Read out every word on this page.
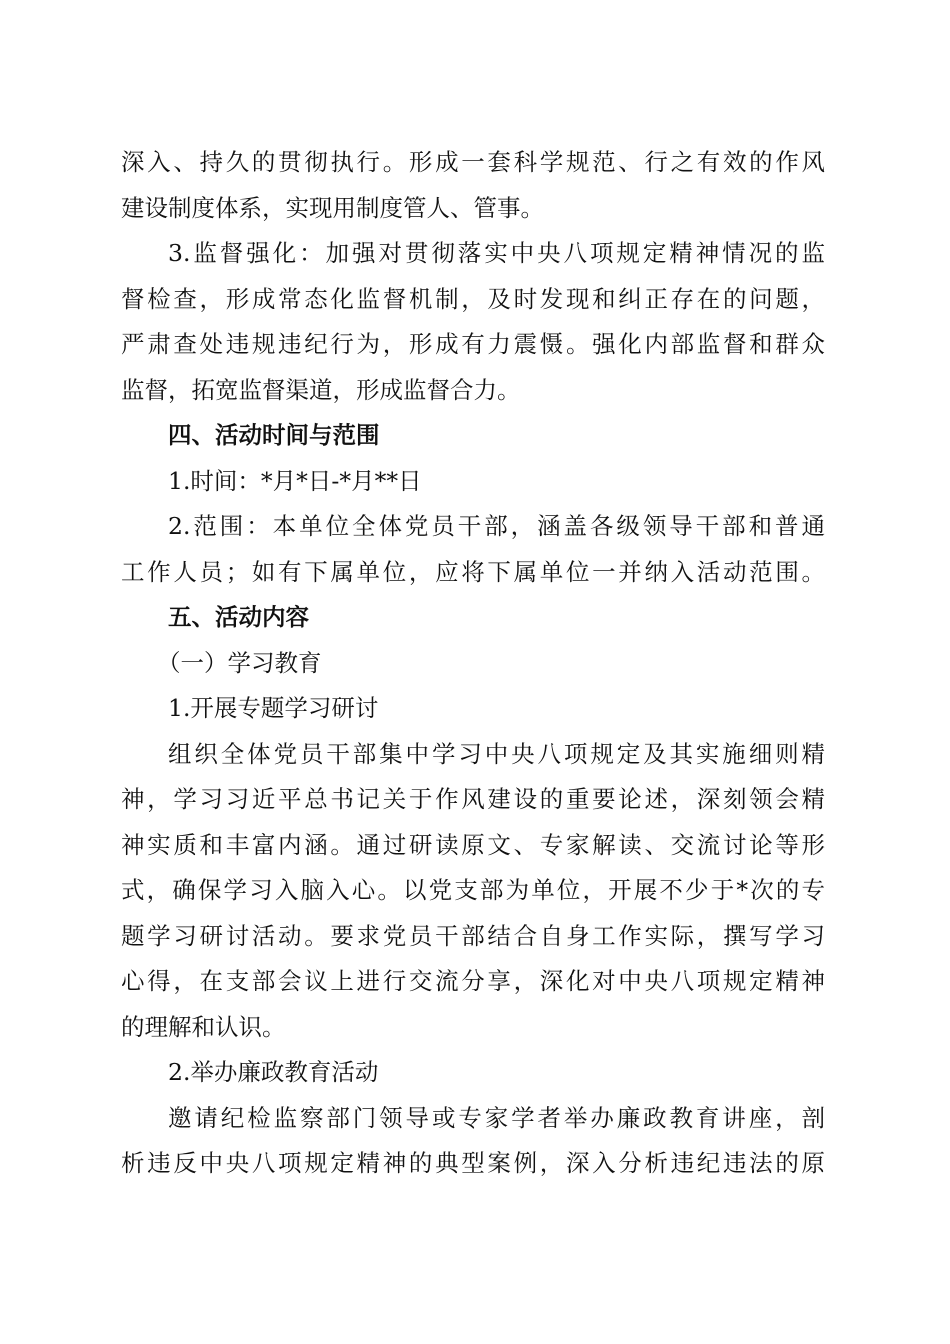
深入、持久的贯彻执行。形成一套科学规范、行之有效的作风
建设制度体系，实现用制度管人、管事。
3.监督强化：加强对贯彻落实中央八项规定精神情况的监
督检查，形成常态化监督机制，及时发现和纠正存在的问题，
严肃查处违规违纪行为，形成有力震慑。强化内部监督和群众
监督，拓宽监督渠道，形成监督合力。
四、活动时间与范围
1.时间：*月*日-*月**日
2.范围：本单位全体党员干部，涵盖各级领导干部和普通
工作人员；如有下属单位，应将下属单位一并纳入活动范围。
五、活动内容
（一）学习教育
1.开展专题学习研讨
组织全体党员干部集中学习中央八项规定及其实施细则精
神，学习习近平总书记关于作风建设的重要论述，深刻领会精
神实质和丰富内涵。通过研读原文、专家解读、交流讨论等形
式，确保学习入脑入心。以党支部为单位，开展不少于*次的专
题学习研讨活动。要求党员干部结合自身工作实际，撰写学习
心得，在支部会议上进行交流分享，深化对中央八项规定精神
的理解和认识。
2.举办廉政教育活动
邀请纪检监察部门领导或专家学者举办廉政教育讲座，剖
析违反中央八项规定精神的典型案例，深入分析违纪违法的原
